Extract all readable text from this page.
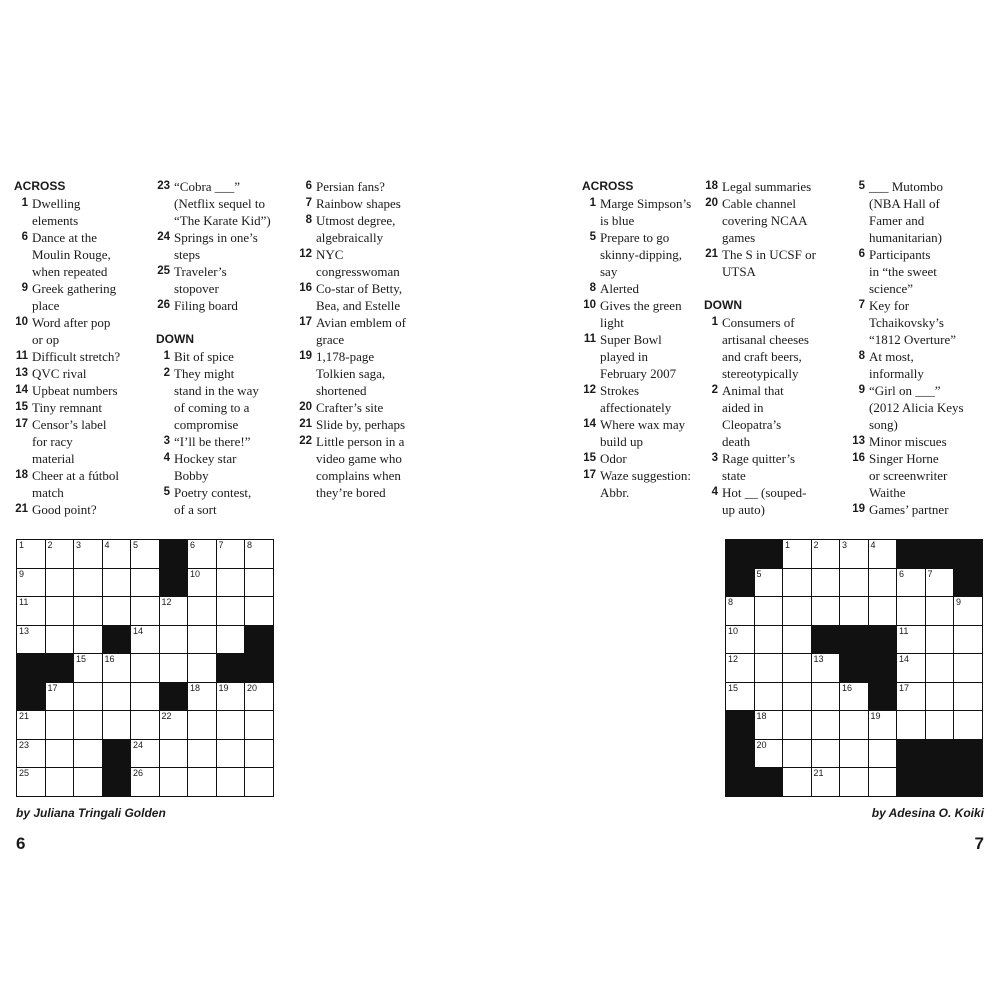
ACROSS
1 Dwelling
elements
6 Dance at the
Moulin Rouge,
when repeated
9 Greek gathering
place
10 Word after pop
or op
11 Difficult stretch?
13 QVC rival
14 Upbeat numbers
15 Tiny remnant
17 Censor’s label
for racy
material
18 Cheer at a fútbol
match
21 Good point?
23 “Cobra ___”
(Netflix sequel to
“The Karate Kid”)
24 Springs in one’s
steps
25 Traveler’s
stopover
26 Filing board
DOWN
1 Bit of spice
2 They might
stand in the way
of coming to a
compromise
3 “I’ll be there!”
4 Hockey star
Bobby
5 Poetry contest,
of a sort
6 Persian fans?
7 Rainbow shapes
8 Utmost degree,
algebraically
12 NYC
congresswoman
16 Co-star of Betty,
Bea, and Estelle
17 Avian emblem of
grace
19 1,178-page
Tolkien saga,
shortened
20 Crafter’s site
21 Slide by, perhaps
22 Little person in a
video game who
complains when
they’re bored
1	2	3	4	5	6	7	8
9	10
11	12
13	14
15 16
17	18 19 20
21	22
23	24
25	26
by Juliana Tringali Golden
6
ACROSS
1 Marge Simpson’s
is blue
5 Prepare to go
skinny-dipping,
say
8 Alerted
10 Gives the green
light
11 Super Bowl
played in
February 2007
12 Strokes
affectionately
14 Where wax may
build up
15 Odor
17 Waze suggestion:
Abbr.
18 Legal summaries
20 Cable channel
covering NCAA
games
21 The S in UCSF or
UTSA
DOWN
1 Consumers of
artisanal cheeses
and craft beers,
stereotypically
2 Animal that
aided in
Cleopatra’s
death
3 Rage quitter’s
state
4 Hot __ (souped-
up auto)
5 ___ Mutombo
(NBA Hall of
Famer and
humanitarian)
6 Participants
in “the sweet
science”
7 Key for
Tchaikovsky’s
“1812 Overture”
8 At most,
informally
9 “Girl on ___”
(2012 Alicia Keys
song)
13 Minor miscues
16 Singer Horne
or screenwriter
Waithe
19 Games’ partner
1	2	3	4
5	6	7
8	9
10	11
12	13	14
15	16	17
18	19
20
21
by Adesina O. Koiki
7
